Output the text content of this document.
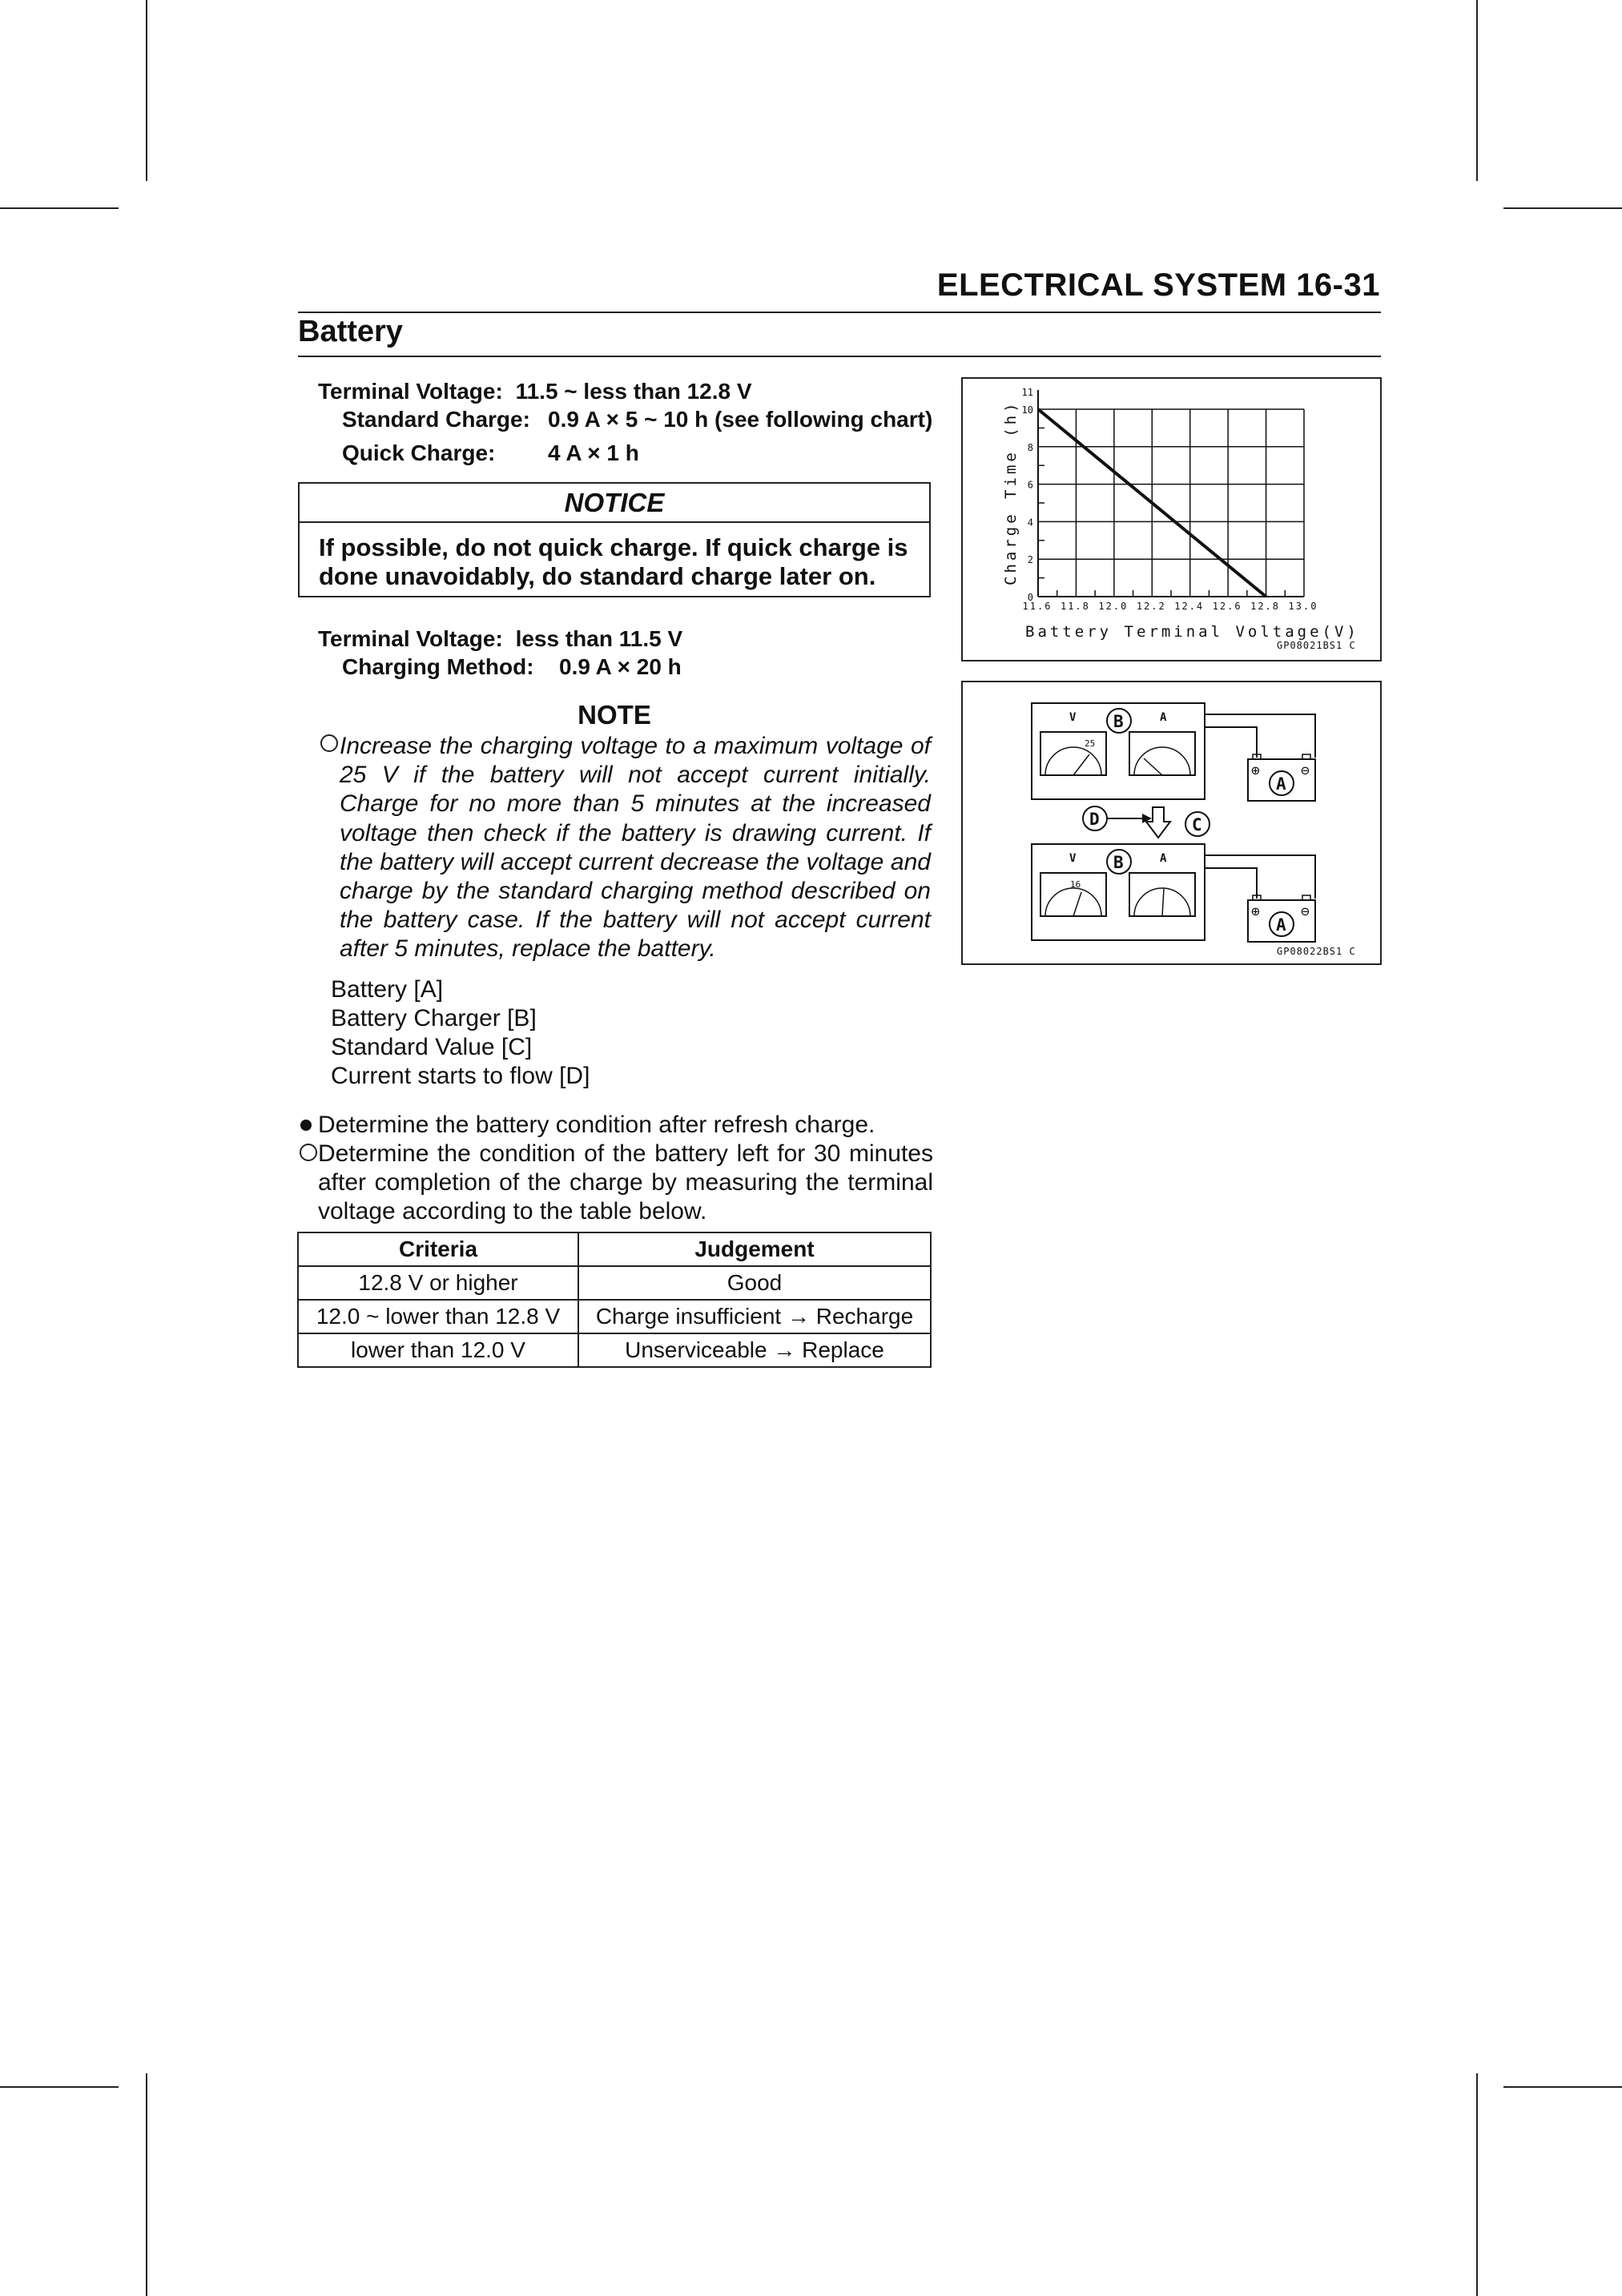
ELECTRICAL SYSTEM 16-31
Battery
Terminal Voltage: 11.5 ~ less than 12.8 V
Standard Charge: 0.9 A × 5 ~ 10 h (see following chart)
Quick Charge: 4 A × 1 h
NOTICE
If possible, do not quick charge. If quick charge is done unavoidably, do standard charge later on.
Terminal Voltage: less than 11.5 V
Charging Method: 0.9 A × 20 h
NOTE
Increase the charging voltage to a maximum voltage of 25 V if the battery will not accept current initially. Charge for no more than 5 minutes at the increased voltage then check if the battery is drawing current. If the battery will accept current decrease the voltage and charge by the standard charging method described on the battery case. If the battery will not accept current after 5 minutes, replace the battery.
Battery [A]
Battery Charger [B]
Standard Value [C]
Current starts to flow [D]
Determine the battery condition after refresh charge.
Determine the condition of the battery left for 30 minutes after completion of the charge by measuring the terminal voltage according to the table below.
Criteria	Judgement
12.8 V or higher	Good
12.0 ~ lower than 12.8 V	Charge insufficient → Recharge
lower than 12.0 V	Unserviceable → Replace
11.6 11.8 12.0 12.2 12.4 12.6 12.8 13.0
0
2
4
6
8
10
11
Battery Terminal Voltage(V)
Charge Time (h)
GP08021BS1 C
V	A
B
25
⊕	⊖
A
D	C
V	A
B
16
⊕	⊖
A
GP08022BS1 C
